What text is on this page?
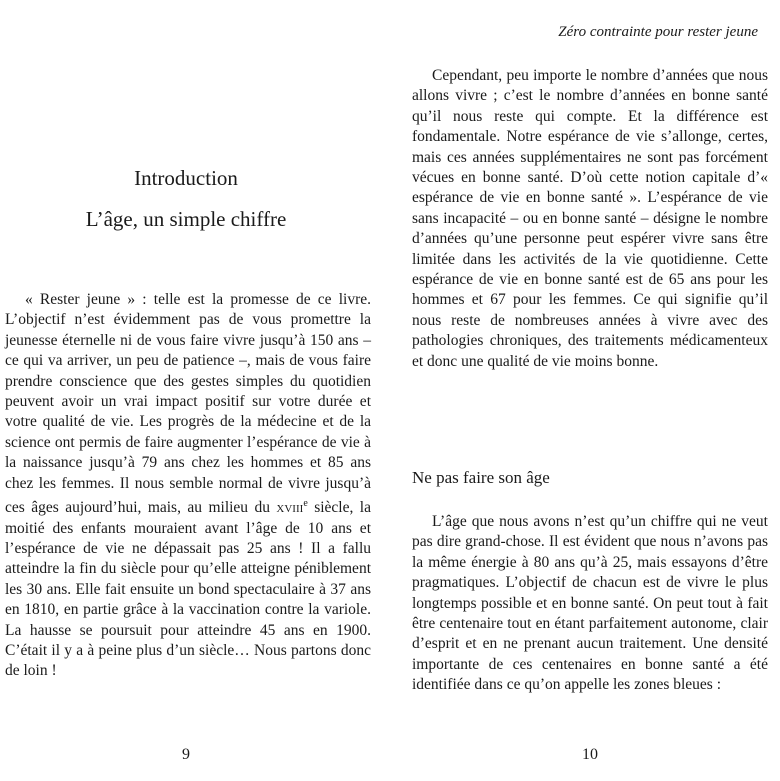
Introduction
L’âge, un simple chiffre

« Rester jeune » : telle est la promesse de ce livre. L’objectif n’est évidemment pas de vous promettre la jeunesse éternelle ni de vous faire vivre jusqu’à 150 ans – ce qui va arriver, un peu de patience –, mais de vous faire prendre conscience que des gestes simples du quotidien peuvent avoir un vrai impact positif sur votre durée et votre qualité de vie. Les progrès de la médecine et de la science ont permis de faire augmenter l’espérance de vie à la naissance jusqu’à 79 ans chez les hommes et 85 ans chez les femmes. Il nous semble normal de vivre jusqu’à ces âges aujourd’hui, mais, au milieu du xviii$^e$ siècle, la moitié des enfants mouraient avant l’âge de 10 ans et l’espérance de vie ne dépassait pas 25 ans ! Il a fallu atteindre la fin du siècle pour qu’elle atteigne péniblement les 30 ans. Elle fait ensuite un bond spectaculaire à 37 ans en 1810, en partie grâce à la vaccination contre la variole. La hausse se poursuit pour atteindre 45 ans en 1900. C’était il y a à peine plus d’un siècle… Nous partons donc de loin !

9
Zéro contrainte pour rester jeune

Cependant, peu importe le nombre d’années que nous allons vivre ; c’est le nombre d’années en bonne santé qu’il nous reste qui compte. Et la différence est fondamentale. Notre espérance de vie s’allonge, certes, mais ces années supplémentaires ne sont pas forcément vécues en bonne santé. D’où cette notion capitale d’« espérance de vie en bonne santé ». L’espérance de vie sans incapacité – ou en bonne santé – désigne le nombre d’années qu’une personne peut espérer vivre sans être limitée dans les activités de la vie quotidienne. Cette espérance de vie en bonne santé est de 65 ans pour les hommes et 67 pour les femmes. Ce qui signifie qu’il nous reste de nombreuses années à vivre avec des pathologies chroniques, des traitements médicamenteux et donc une qualité de vie moins bonne.

Ne pas faire son âge

L’âge que nous avons n’est qu’un chiffre qui ne veut pas dire grand-chose. Il est évident que nous n’avons pas la même énergie à 80 ans qu’à 25, mais essayons d’être pragmatiques. L’objectif de chacun est de vivre le plus longtemps possible et en bonne santé. On peut tout à fait être centenaire tout en étant parfaitement autonome, clair d’esprit et en ne prenant aucun traitement. Une densité importante de ces centenaires en bonne santé a été identifiée dans ce qu’on appelle les zones bleues :

10
